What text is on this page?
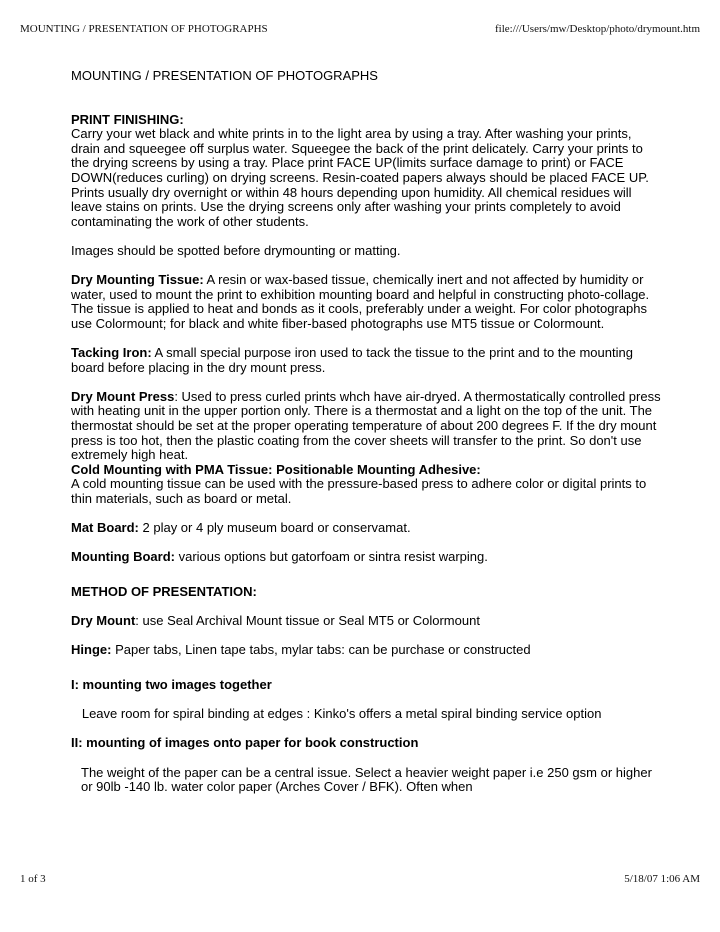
MOUNTING / PRESENTATION OF PHOTOGRAPHS	file:///Users/mw/Desktop/photo/drymount.htm

MOUNTING / PRESENTATION OF PHOTOGRAPHS

PRINT FINISHING:

Carry your wet black and white prints in to the light area by using a tray. After washing your prints, drain and squeegee off surplus water. Squeegee the back of the print delicately. Carry your prints to the drying screens by using a tray. Place print FACE UP(limits surface damage to print) or FACE DOWN(reduces curling) on drying screens. Resin-coated papers always should be placed FACE UP. Prints usually dry overnight or within 48 hours depending upon humidity. All chemical residues will leave stains on prints. Use the drying screens only after washing your prints completely to avoid contaminating the work of other students.

Images should be spotted before drymounting or matting.

Dry Mounting Tissue: A resin or wax-based tissue, chemically inert and not affected by humidity or water, used to mount the print to exhibition mounting board and helpful in constructing photo-collage. The tissue is applied to heat and bonds as it cools, preferably under a weight. For color photographs use Colormount; for black and white fiber-based photographs use MT5 tissue or Colormount.

Tacking Iron: A small special purpose iron used to tack the tissue to the print and to the mounting board before placing in the dry mount press.

Dry Mount Press: Used to press curled prints whch have air-dryed. A thermostatically controlled press with heating unit in the upper portion only. There is a thermostat and a light on the top of the unit. The thermostat should be set at the proper operating temperature of about 200 degrees F. If the dry mount press is too hot, then the plastic coating from the cover sheets will transfer to the print. So don't use extremely high heat.

Cold Mounting with PMA Tissue: Positionable Mounting Adhesive:

A cold mounting tissue can be used with the pressure-based press to adhere color or digital prints to thin materials, such as board or metal.

Mat Board: 2 play or 4 ply museum board or conservamat.

Mounting Board: various options but gatorfoam or sintra resist warping.

METHOD OF PRESENTATION:

Dry Mount: use Seal Archival Mount tissue or Seal MT5 or Colormount

Hinge: Paper tabs, Linen tape tabs, mylar tabs: can be purchase or constructed

I: mounting two images together

Leave room for spiral binding at edges : Kinko's offers a metal spiral binding service option

II: mounting of images onto paper for book construction

The weight of the paper can be a central issue. Select a heavier weight paper i.e 250 gsm or higher or 90lb -140 lb. water color paper (Arches Cover / BFK). Often when

1 of 3	5/18/07 1:06 AM
